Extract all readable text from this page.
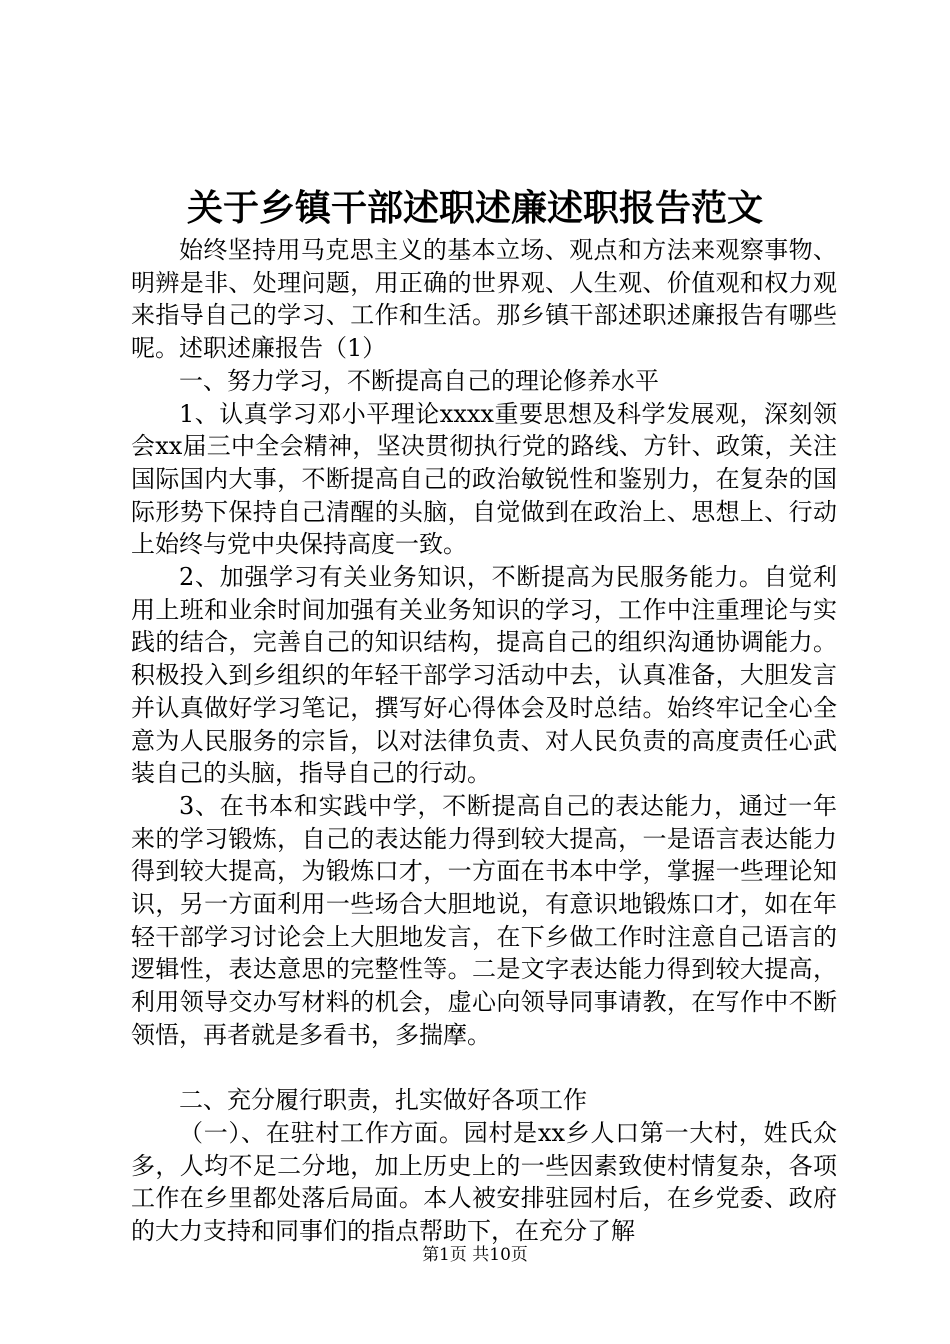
关于乡镇干部述职述廉述职报告范文

始终坚持用马克思主义的基本立场、观点和方法来观察事物、明辨是非、处理问题，用正确的世界观、人生观、价值观和权力观来指导自己的学习、工作和生活。那乡镇干部述职述廉报告有哪些呢。述职述廉报告（1）

一、努力学习，不断提高自己的理论修养水平

1、认真学习邓小平理论xxxx重要思想及科学发展观，深刻领会xx届三中全会精神，坚决贯彻执行党的路线、方针、政策，关注国际国内大事，不断提高自己的政治敏锐性和鉴别力，在复杂的国际形势下保持自己清醒的头脑，自觉做到在政治上、思想上、行动上始终与党中央保持高度一致。

2、加强学习有关业务知识，不断提高为民服务能力。自觉利用上班和业余时间加强有关业务知识的学习，工作中注重理论与实践的结合，完善自己的知识结构，提高自己的组织沟通协调能力。积极投入到乡组织的年轻干部学习活动中去，认真准备，大胆发言并认真做好学习笔记，撰写好心得体会及时总结。始终牢记全心全意为人民服务的宗旨，以对法律负责、对人民负责的高度责任心武装自己的头脑，指导自己的行动。

3、在书本和实践中学，不断提高自己的表达能力，通过一年来的学习锻炼，自己的表达能力得到较大提高，一是语言表达能力得到较大提高，为锻炼口才，一方面在书本中学，掌握一些理论知识，另一方面利用一些场合大胆地说，有意识地锻炼口才，如在年轻干部学习讨论会上大胆地发言，在下乡做工作时注意自己语言的逻辑性，表达意思的完整性等。二是文字表达能力得到较大提高，利用领导交办写材料的机会，虚心向领导同事请教，在写作中不断领悟，再者就是多看书，多揣摩。

二、充分履行职责，扎实做好各项工作

（一）、在驻村工作方面。园村是xx乡人口第一大村，姓氏众多，人均不足二分地，加上历史上的一些因素致使村情复杂，各项工作在乡里都处落后局面。本人被安排驻园村后，在乡党委、政府的大力支持和同事们的指点帮助下，在充分了解

第1页 共10页
